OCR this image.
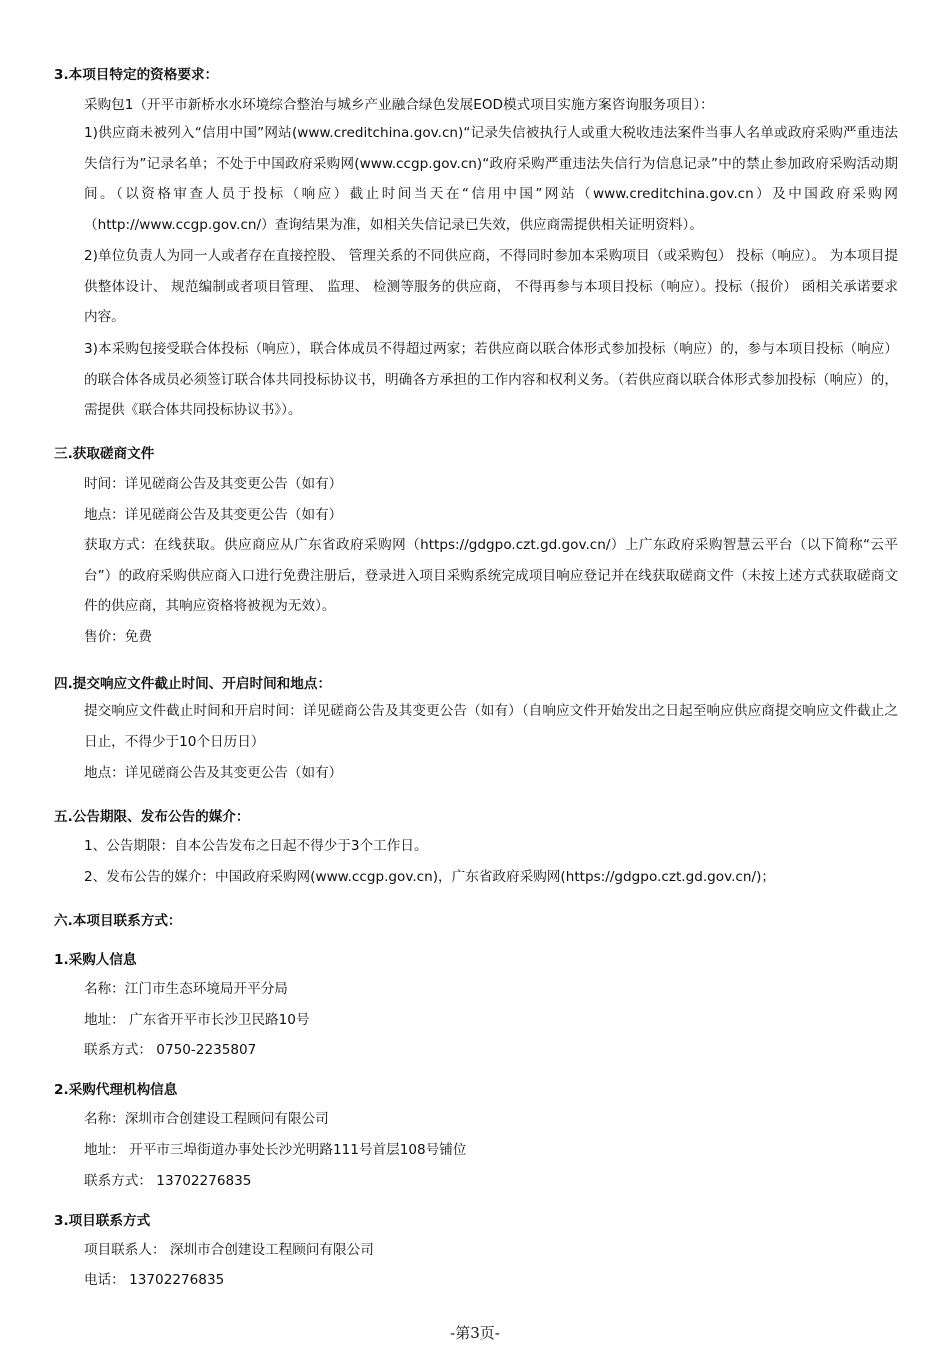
3.本项目特定的资格要求：
采购包1（开平市新桥水水环境综合整治与城乡产业融合绿色发展EOD模式项目实施方案咨询服务项目）：
1)供应商未被列入“信用中国”网站(www.creditchina.gov.cn)“记录失信被执行人或重大税收违法案件当事人名单或政府采购严重违法失信行为”记录名单；不处于中国政府采购网(www.ccgp.gov.cn)“政府采购严重违法失信行为信息记录”中的禁止参加政府采购活动期间。（以资格审查人员于投标（响应）截止时间当天在“信用中国”网站（www.creditchina.gov.cn）及中国政府采购网（http://www.ccgp.gov.cn/）查询结果为准，如相关失信记录已失效，供应商需提供相关证明资料）。
2)单位负责人为同一人或者存在直接控股、 管理关系的不同供应商，不得同时参加本采购项目（或采购包） 投标（响应）。 为本项目提供整体设计、 规范编制或者项目管理、 监理、 检测等服务的供应商， 不得再参与本项目投标（响应）。投标（报价） 函相关承诺要求内容。
3)本采购包接受联合体投标（响应），联合体成员不得超过两家；若供应商以联合体形式参加投标（响应）的，参与本项目投标（响应）的联合体各成员必须签订联合体共同投标协议书，明确各方承担的工作内容和权利义务。（若供应商以联合体形式参加投标（响应）的，需提供《联合体共同投标协议书》）。
三.获取磋商文件
时间：详见磋商公告及其变更公告（如有）
地点：详见磋商公告及其变更公告（如有）
获取方式：在线获取。供应商应从广东省政府采购网（https://gdgpo.czt.gd.gov.cn/）上广东政府采购智慧云平台（以下简称“云平台”）的政府采购供应商入口进行免费注册后，登录进入项目采购系统完成项目响应登记并在线获取磋商文件（未按上述方式获取磋商文件的供应商，其响应资格将被视为无效）。
售价：免费
四.提交响应文件截止时间、开启时间和地点：
提交响应文件截止时间和开启时间：详见磋商公告及其变更公告（如有）（自响应文件开始发出之日起至响应供应商提交响应文件截止之日止，不得少于10个日历日）
地点：详见磋商公告及其变更公告（如有）
五.公告期限、发布公告的媒介：
1、公告期限：自本公告发布之日起不得少于3个工作日。
2、发布公告的媒介：中国政府采购网(www.ccgp.gov.cn)，广东省政府采购网(https://gdgpo.czt.gd.gov.cn/)；
六.本项目联系方式：
1.采购人信息
名称：江门市生态环境局开平分局
地址： 广东省开平市长沙卫民路10号
联系方式： 0750-2235807
2.采购代理机构信息
名称：深圳市合创建设工程顾问有限公司
地址： 开平市三埠街道办事处长沙光明路111号首层108号铺位
联系方式： 13702276835
3.项目联系方式
项目联系人： 深圳市合创建设工程顾问有限公司
电话： 13702276835
-第3页-
